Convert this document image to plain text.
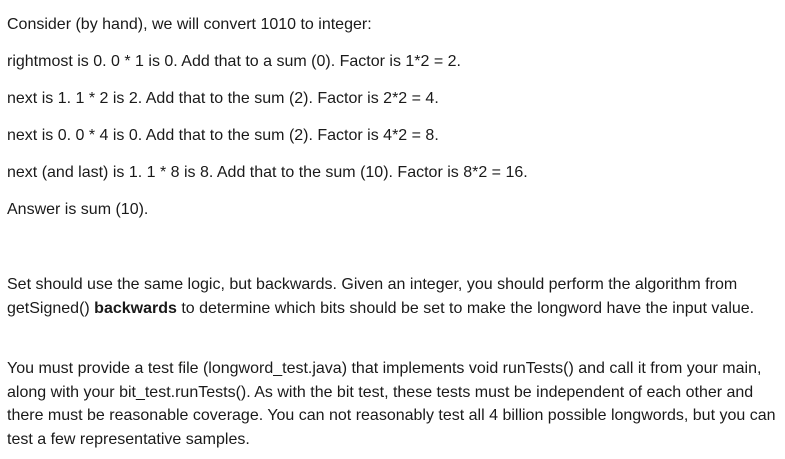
Consider (by hand), we will convert 1010 to integer:

rightmost is 0. 0 * 1 is 0. Add that to a sum (0). Factor is 1*2 = 2.

next is 1. 1 * 2 is 2. Add that to the sum (2). Factor is 2*2 = 4.

next is 0. 0 * 4 is 0. Add that to the sum (2). Factor is 4*2 = 8.

next (and last) is 1. 1 * 8 is 8. Add that to the sum (10). Factor is 8*2 = 16.

Answer is sum (10).

Set should use the same logic, but backwards. Given an integer, you should perform the algorithm from getSigned() backwards to determine which bits should be set to make the longword have the input value.

You must provide a test file (longword_test.java) that implements void runTests() and call it from your main, along with your bit_test.runTests(). As with the bit test, these tests must be independent of each other and there must be reasonable coverage. You can not reasonably test all 4 billion possible longwords, but you can test a few representative samples.
